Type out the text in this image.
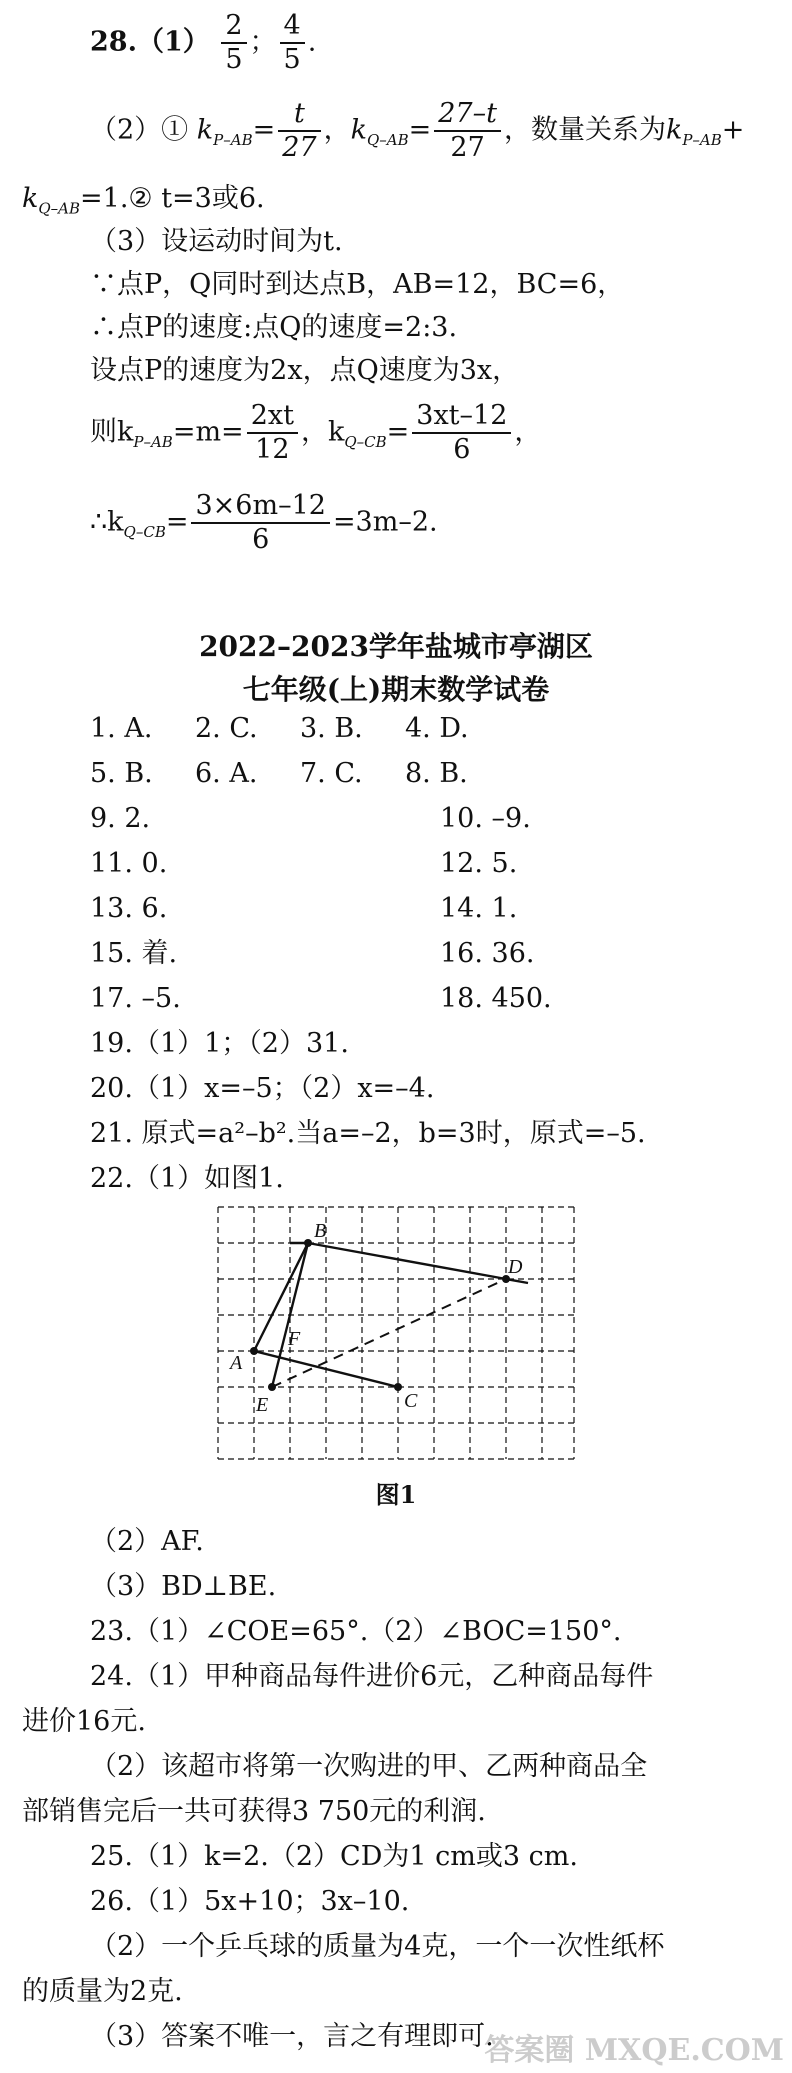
$28.(1) \frac{2}{5}$ ； $\frac{4}{5}$ .
（2）① $k_{P-AB}= \frac{t}{27}$ ，$k_{Q-AB}= \frac{27-t}{27}$ ，数量关系为$k_{P-AB}+$
$k_{Q-AB}=1.②$ t=3或6.
（3）设运动时间为t.
∵点P，Q同时到达点B，AB=12，BC=6，
∴点P的速度:点Q的速度=2:3.
设点P的速度为2x，点Q速度为3x，
则$k_{P-AB}=m= \frac{2xt}{12}$ ，$k_{Q-CB}= \frac{3xt-12}{6}$ ，
$\therefore k_{Q-CB}= \frac{3\times 6m-12}{6} =3m-2$.
2022–2023学年盐城市亭湖区
七年级(上)期末数学试卷
1. A. 2. C. 3. B. 4. D.
5. B. 6. A. 7. C. 8. B.
9. 2.	10. –9.
11. 0.	12. 5.
13. 6.	14. 1.
15. 着.	16. 36.
17. –5.	18. 450.
19.（1）1；（2）31.
20.（1）x=–5；（2）x=–4.
21. 原式=a²–b².当a=–2，b=3时，原式=–5.
22.（1）如图1.
A
B
C
D
E
F
图1
（2）AF.
（3）BD⊥BE.
23.（1）∠COE=65°.（2）∠BOC=150°.
24.（1）甲种商品每件进价6元，乙种商品每件
进价16元.
（2）该超市将第一次购进的甲、乙两种商品全
部销售完后一共可获得3 750元的利润.
25.（1）k=2.（2）CD为1 cm或3 cm.
26.（1）5x+10；3x–10.
（2）一个乒乓球的质量为4克，一个一次性纸杯
的质量为2克.
（3）答案不唯一，言之有理即可.
答案圈 MXQE.COM
